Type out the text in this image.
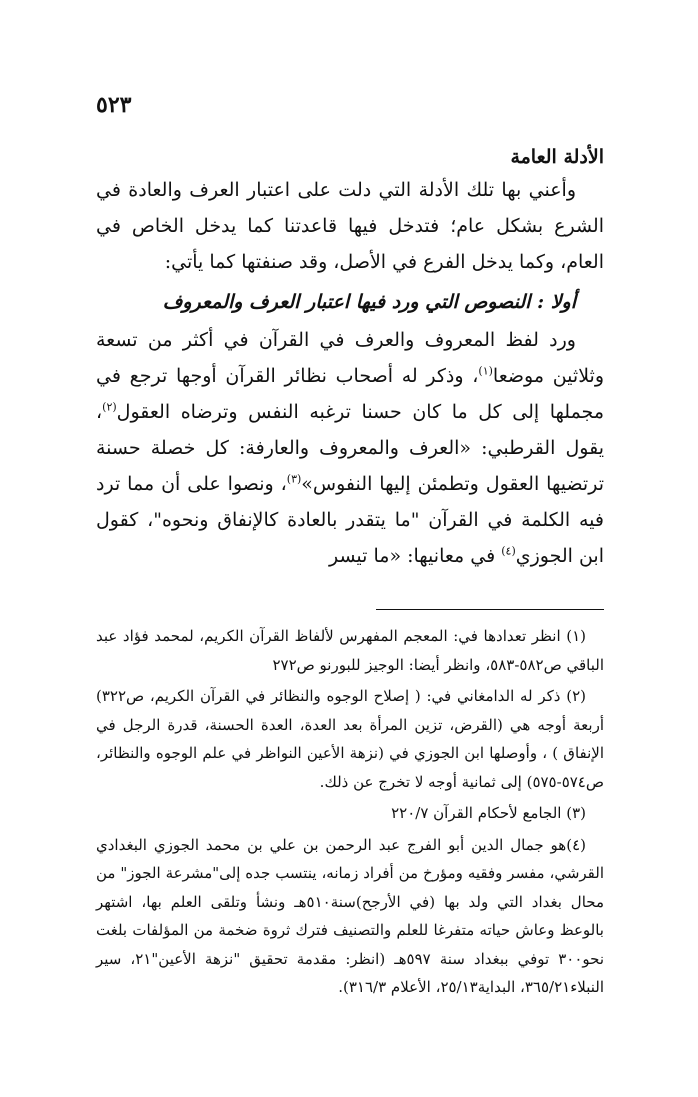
٥٢٣

الأدلة العامة

وأعني بها تلك الأدلة التي دلت على اعتبار العرف والعادة في الشرع بشكل عام؛ فتدخل فيها قاعدتنا كما يدخل الخاص في العام، وكما يدخل الفرع في الأصل، وقد صنفتها كما يأتي:

أولا : النصوص التي ورد فيها اعتبار العرف والمعروف

ورد لفظ المعروف والعرف في القرآن في أكثر من تسعة وثلاثين موضعا$^{(١)}$، وذكر له أصحاب نظائر القرآن أوجها ترجع في مجملها إلى كل ما كان حسنا ترغبه النفس وترضاه العقول$^{(٢)}$، يقول القرطبي: «العرف والمعروف والعارفة: كل خصلة حسنة ترتضيها العقول وتطمئن إليها النفوس»$^{(٣)}$، ونصوا على أن مما ترد فيه الكلمة في القرآن "ما يتقدر بالعادة كالإنفاق ونحوه"، كقول ابن الجوزي$^{(٤)}$ في معانيها: «ما تيسر

(١) انظر تعدادها في: المعجم المفهرس لألفاظ القرآن الكريم، لمحمد فؤاد عبد الباقي ص٥٨٢-٥٨٣، وانظر أيضا: الوجيز للبورنو ص٢٧٢

(٢) ذكر له الدامغاني في: ( إصلاح الوجوه والنظائر في القرآن الكريم، ص٣٢٢) أربعة أوجه هي (القرض، تزين المرأة بعد العدة، العدة الحسنة، قدرة الرجل في الإنفاق ) ، وأوصلها ابن الجوزي في (نزهة الأعين النواظر في علم الوجوه والنظائر، ص٥٧٤-٥٧٥) إلى ثمانية أوجه لا تخرج عن ذلك.

(٣) الجامع لأحكام القرآن ٢٢٠/٧

(٤)هو جمال الدين أبو الفرج عبد الرحمن بن علي بن محمد الجوزي البغدادي القرشي، مفسر وفقيه ومؤرخ من أفراد زمانه، ينتسب جده إلى"مشرعة الجوز" من محال بغداد التي ولد بها (في الأرجح)سنة٥١٠هـ ونشأ وتلقى العلم بها، اشتهر بالوعظ وعاش حياته متفرغا للعلم والتصنيف فترك ثروة ضخمة من المؤلفات بلغت نحو٣٠٠ توفي ببغداد سنة ٥٩٧هـ (انظر: مقدمة تحقيق "نزهة الأعين"٢١، سير النبلاء٣٦٥/٢١، البداية٢٥/١٣، الأعلام ٣١٦/٣).
